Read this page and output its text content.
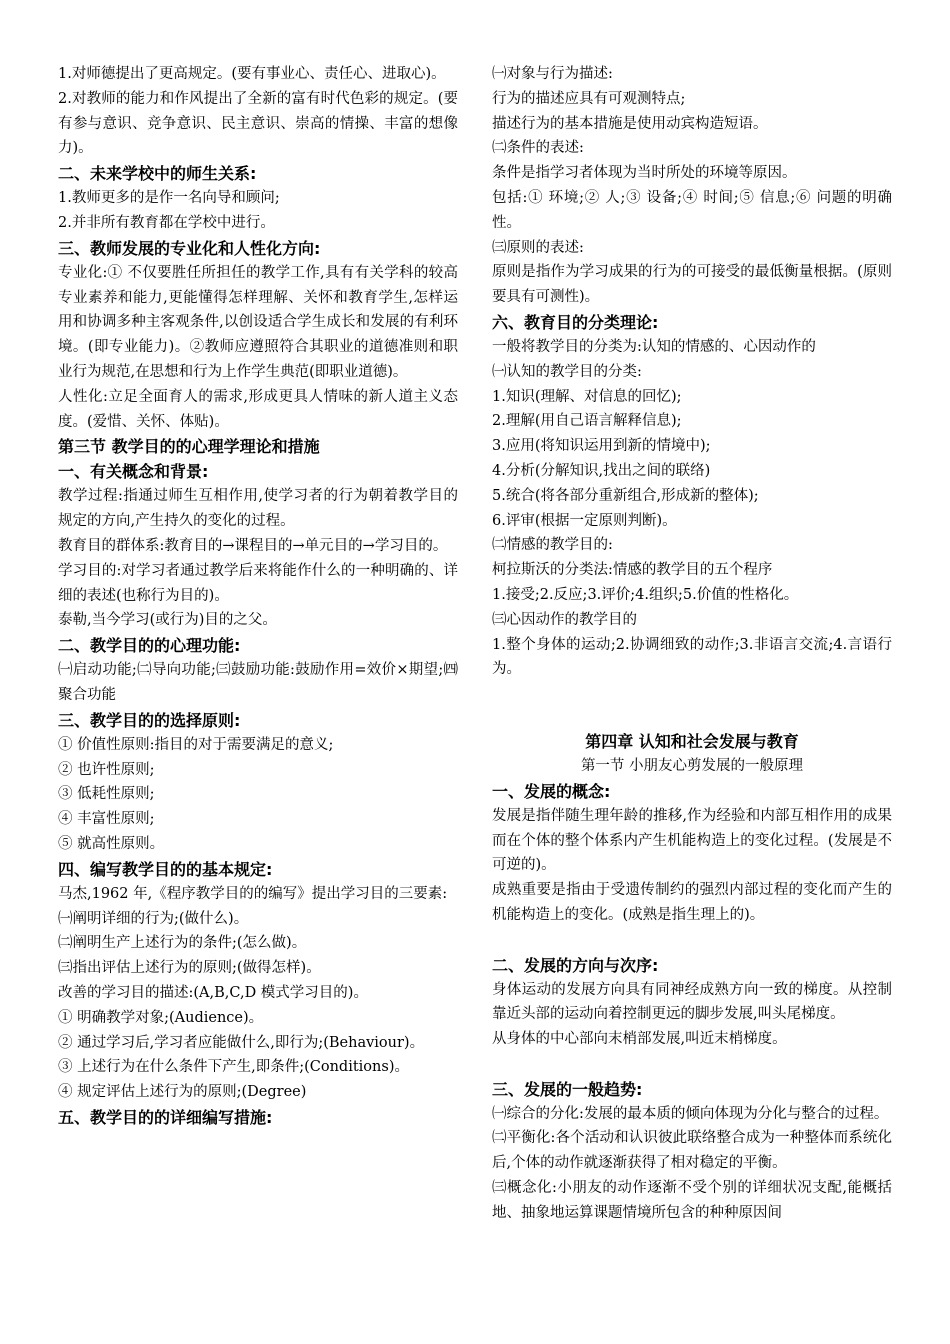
1.对师德提出了更高规定。(要有事业心、责任心、进取心)。
2.对教师的能力和作风提出了全新的富有时代色彩的规定。(要有参与意识、竞争意识、民主意识、崇高的情操、丰富的想像力)。
二、未来学校中的师生关系:
1.教师更多的是作一名向导和顾问;
2.并非所有教育都在学校中进行。
三、教师发展的专业化和人性化方向:
专业化:① 不仅要胜任所担任的教学工作,具有有关学科的较高专业素养和能力,更能懂得怎样理解、关怀和教育学生,怎样运用和协调多种主客观条件,以创设适合学生成长和发展的有利环境。(即专业能力)。②教师应遵照符合其职业的道德准则和职业行为规范,在思想和行为上作学生典范(即职业道德)。
人性化:立足全面育人的需求,形成更具人情味的新人道主义态度。(爱惜、关怀、体贴)。
第三节 教学目的的心理学理论和措施
一、有关概念和背景:
教学过程:指通过师生互相作用,使学习者的行为朝着教学目的规定的方向,产生持久的变化的过程。
教育目的群体系:教育目的→课程目的→单元目的→学习目的。
学习目的:对学习者通过教学后来将能作什么的一种明确的、详细的表述(也称行为目的)。
泰勒,当今学习(或行为)目的之父。
二、教学目的的心理功能:
㈠启动功能;㈡导向功能;㈢鼓励功能:鼓励作用=效价×期望;㈣聚合功能
三、教学目的的选择原则:
① 价值性原则:指目的对于需要满足的意义;
② 也许性原则;
③ 低耗性原则;
④ 丰富性原则;
⑤ 就高性原则。
四、编写教学目的的基本规定:
马杰,1962 年,《程序教学目的的编写》提出学习目的三要素:
㈠阐明详细的行为;(做什么)。
㈡阐明生产上述行为的条件;(怎么做)。
㈢指出评估上述行为的原则;(做得怎样)。
改善的学习目的描述:(A,B,C,D 模式学习目的)。
① 明确教学对象;(Audience)。
② 通过学习后,学习者应能做什么,即行为;(Behaviour)。
③ 上述行为在什么条件下产生,即条件;(Conditions)。
④ 规定评估上述行为的原则;(Degree)
五、教学目的的详细编写措施:
㈠对象与行为描述:
行为的描述应具有可观测特点;
描述行为的基本措施是使用动宾构造短语。
㈡条件的表述:
条件是指学习者体现为当时所处的环境等原因。
包括:① 环境;② 人;③ 设备;④ 时间;⑤ 信息;⑥ 问题的明确性。
㈢原则的表述:
原则是指作为学习成果的行为的可接受的最低衡量根据。(原则要具有可测性)。
六、教育目的分类理论:
一般将教学目的分类为:认知的情感的、心因动作的
㈠认知的教学目的分类:
1.知识(理解、对信息的回忆);
2.理解(用自己语言解释信息);
3.应用(将知识运用到新的情境中);
4.分析(分解知识,找出之间的联络)
5.统合(将各部分重新组合,形成新的整体);
6.评审(根据一定原则判断)。
㈡情感的教学目的:
柯拉斯沃的分类法:情感的教学目的五个程序
1.接受;2.反应;3.评价;4.组织;5.价值的性格化。
㈢心因动作的教学目的
1.整个身体的运动;2.协调细致的动作;3.非语言交流;4.言语行为。
第四章 认知和社会发展与教育
第一节 小朋友心剪发展的一般原理
一、发展的概念:
发展是指伴随生理年龄的推移,作为经验和内部互相作用的成果而在个体的整个体系内产生机能构造上的变化过程。(发展是不可逆的)。
成熟重要是指由于受遗传制约的强烈内部过程的变化而产生的机能构造上的变化。(成熟是指生理上的)。
二、发展的方向与次序:
身体运动的发展方向具有同神经成熟方向一致的梯度。从控制靠近头部的运动向着控制更远的脚步发展,叫头尾梯度。
从身体的中心部向末梢部发展,叫近末梢梯度。
三、发展的一般趋势:
㈠综合的分化:发展的最本质的倾向体现为分化与整合的过程。
㈡平衡化:各个活动和认识彼此联络整合成为一种整体而系统化后,个体的动作就逐渐获得了相对稳定的平衡。
㈢概念化:小朋友的动作逐渐不受个别的详细状况支配,能概括地、抽象地运算课题情境所包含的种种原因间
